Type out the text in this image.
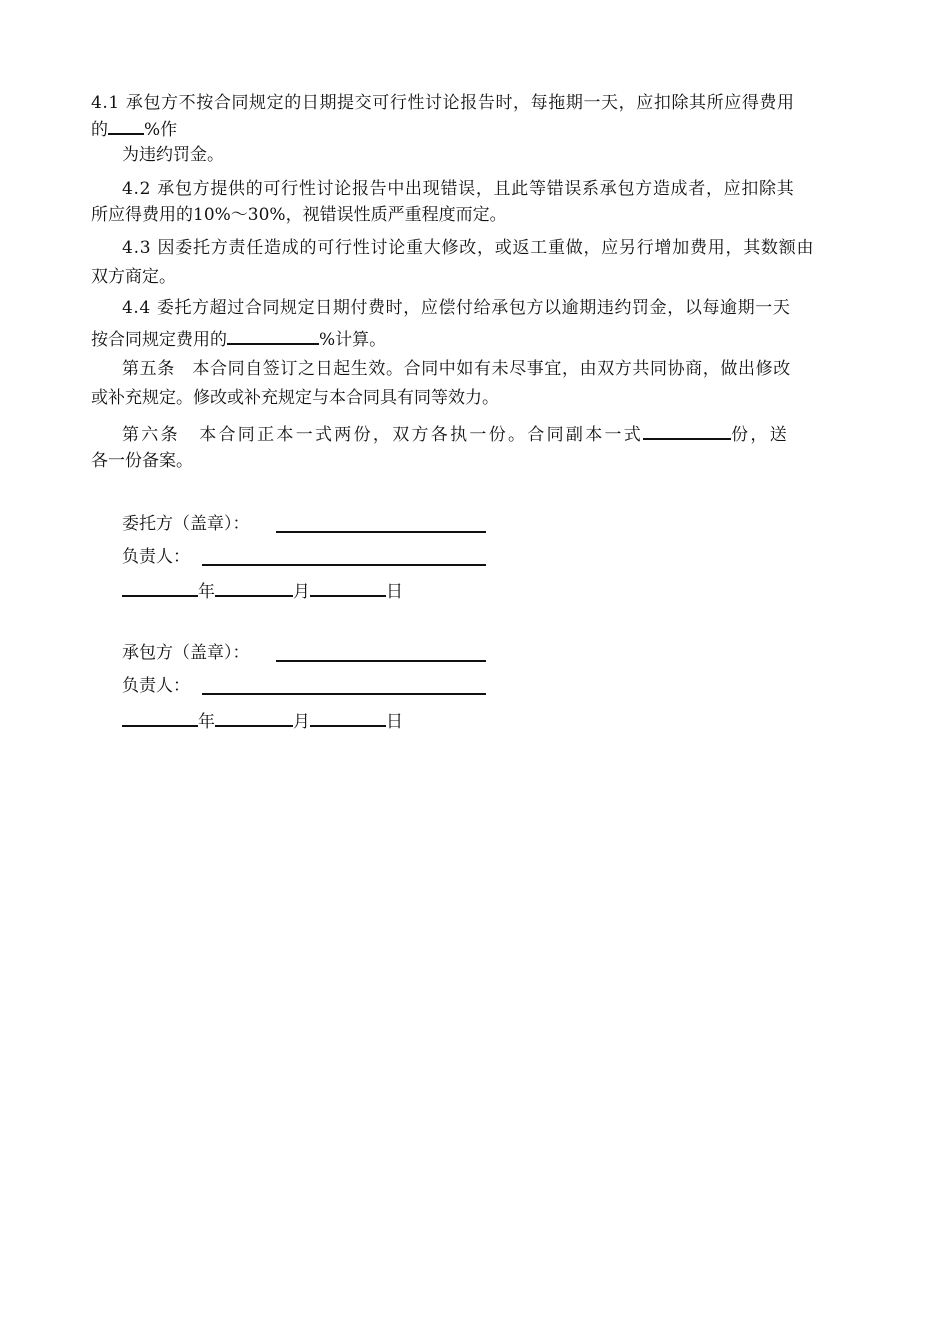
4.1 承包方不按合同规定的日期提交可行性讨论报告时，每拖期一天，应扣除其所应得费用
的 %作
为违约罚金。
4.2 承包方提供的可行性讨论报告中出现错误，且此等错误系承包方造成者，应扣除其
所应得费用的10%～30%，视错误性质严重程度而定。
4.3 因委托方责任造成的可行性讨论重大修改，或返工重做，应另行增加费用，其数额由
双方商定。
4.4 委托方超过合同规定日期付费时，应偿付给承包方以逾期违约罚金，以每逾期一天
按合同规定费用的	%计算。
第五条　本合同自签订之日起生效。合同中如有未尽事宜，由双方共同协商，做出修改
或补充规定。修改或补充规定与本合同具有同等效力。
第六条　本合同正本一式两份，双方各执一份。合同副本一式	份，送
各一份备案。
委托方（盖章）：
负责人：
年	月	日
承包方（盖章）：
负责人：
年	月	日
